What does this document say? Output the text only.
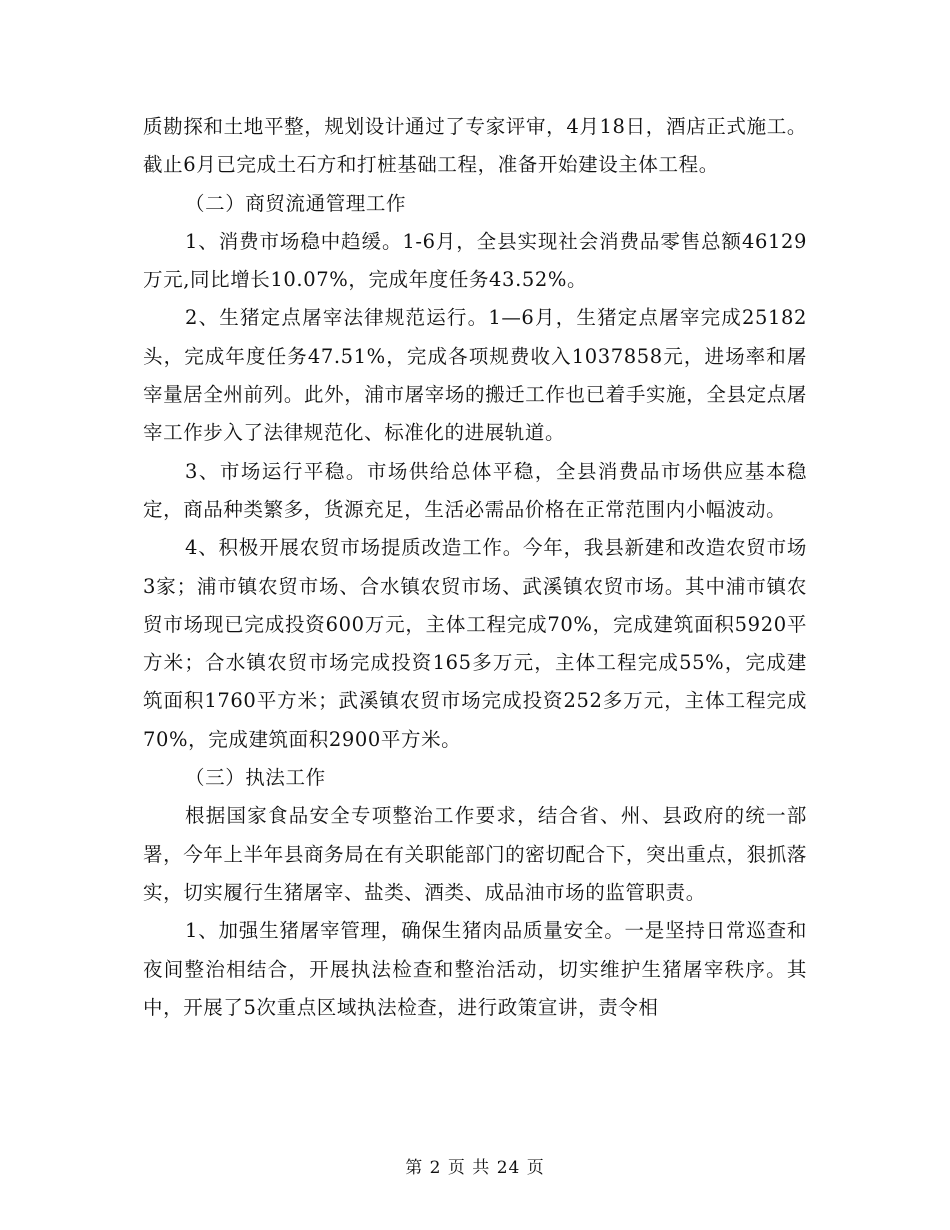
质勘探和土地平整，规划设计通过了专家评审，4月18日，酒店正式施工。截止6月已完成土石方和打桩基础工程，准备开始建设主体工程。

（二）商贸流通管理工作

1、消费市场稳中趋缓。1-6月，全县实现社会消费品零售总额46129万元,同比增长10.07%，完成年度任务43.52%。

2、生猪定点屠宰法律规范运行。1—6月，生猪定点屠宰完成25182头，完成年度任务47.51%，完成各项规费收入1037858元，进场率和屠宰量居全州前列。此外，浦市屠宰场的搬迁工作也已着手实施，全县定点屠宰工作步入了法律规范化、标准化的进展轨道。

3、市场运行平稳。市场供给总体平稳，全县消费品市场供应基本稳定，商品种类繁多，货源充足，生活必需品价格在正常范围内小幅波动。

4、积极开展农贸市场提质改造工作。今年，我县新建和改造农贸市场3家；浦市镇农贸市场、合水镇农贸市场、武溪镇农贸市场。其中浦市镇农贸市场现已完成投资600万元，主体工程完成70%，完成建筑面积5920平方米；合水镇农贸市场完成投资165多万元，主体工程完成55%，完成建筑面积1760平方米；武溪镇农贸市场完成投资252多万元，主体工程完成70%，完成建筑面积2900平方米。

（三）执法工作

根据国家食品安全专项整治工作要求，结合省、州、县政府的统一部署，今年上半年县商务局在有关职能部门的密切配合下，突出重点，狠抓落实，切实履行生猪屠宰、盐类、酒类、成品油市场的监管职责。

1、加强生猪屠宰管理，确保生猪肉品质量安全。一是坚持日常巡查和夜间整治相结合，开展执法检查和整治活动，切实维护生猪屠宰秩序。其中，开展了5次重点区域执法检查，进行政策宣讲，责令相

第 2 页 共 24 页
